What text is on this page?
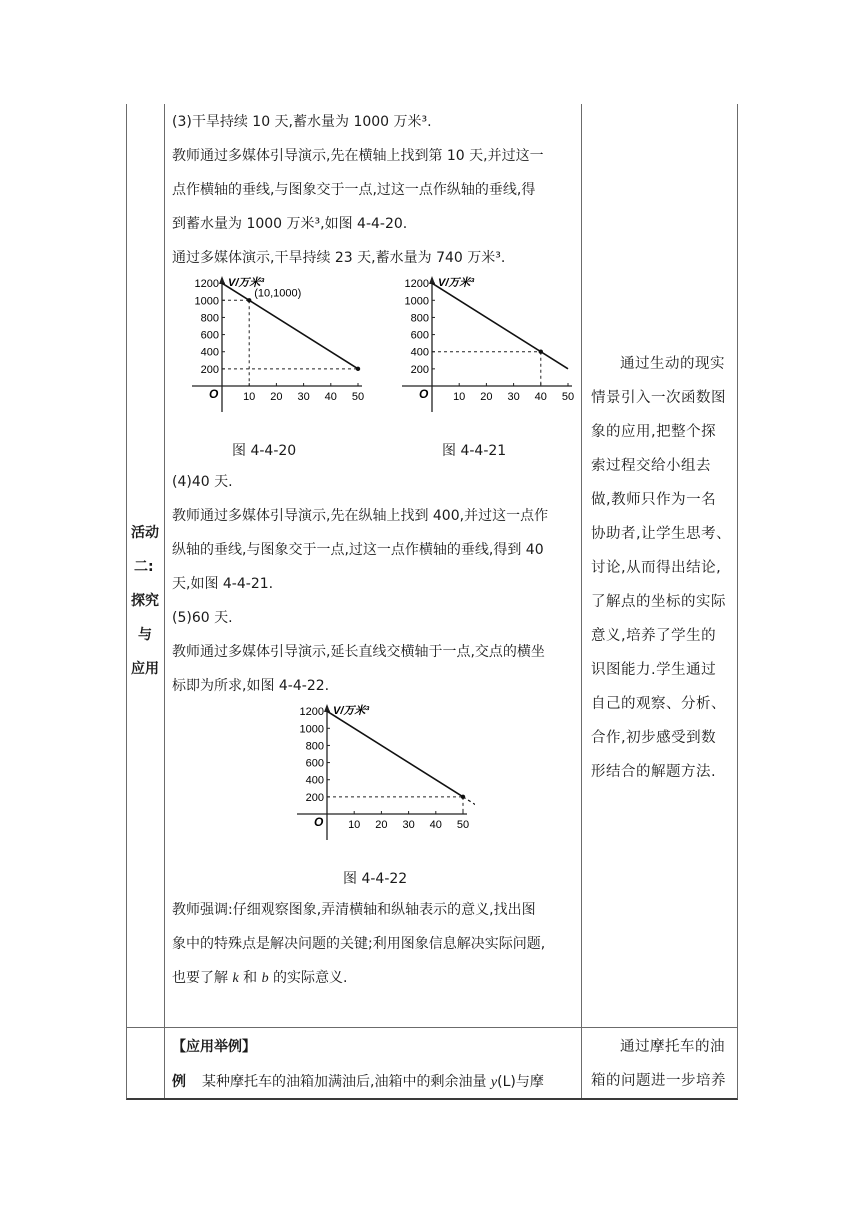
活动
二:
探究
与
应用
(3)干旱持续 10 天,蓄水量为 1000 万米³.
教师通过多媒体引导演示,先在横轴上找到第 10 天,并过这一
点作横轴的垂线,与图象交于一点,过这一点作纵轴的垂线,得
到蓄水量为 1000 万米³,如图 4-4-20.
通过多媒体演示,干旱持续 23 天,蓄水量为 740 万米³.
V/万米³
O
1200
1000
800
600
400
200
10 20 30 40 50
(10,1000)
V/万米³
O
1200
1000
800
600
400
200
10 20 30 40 50
图 4-4-20	图 4-4-21
(4)40 天.
教师通过多媒体引导演示,先在纵轴上找到 400,并过这一点作
纵轴的垂线,与图象交于一点,过这一点作横轴的垂线,得到 40
天,如图 4-4-21.
(5)60 天.
教师通过多媒体引导演示,延长直线交横轴于一点,交点的横坐
标即为所求,如图 4-4-22.
V/万米³
O
1200
1000
800
600
400
200
10 20 30 40 50
图 4-4-22
教师强调:仔细观察图象,弄清横轴和纵轴表示的意义,找出图
象中的特殊点是解决问题的关键;利用图象信息解决实际问题,
也要了解 k 和 b 的实际意义.
通过生动的现实
情景引入一次函数图
象的应用,把整个探
索过程交给小组去
做,教师只作为一名
协助者,让学生思考、
讨论,从而得出结论,
了解点的坐标的实际
意义,培养了学生的
识图能力.学生通过
自己的观察、分析、
合作,初步感受到数
形结合的解题方法.
【应用举例】
例 某种摩托车的油箱加满油后,油箱中的剩余油量 y(L)与摩
通过摩托车的油
箱的问题进一步培养
